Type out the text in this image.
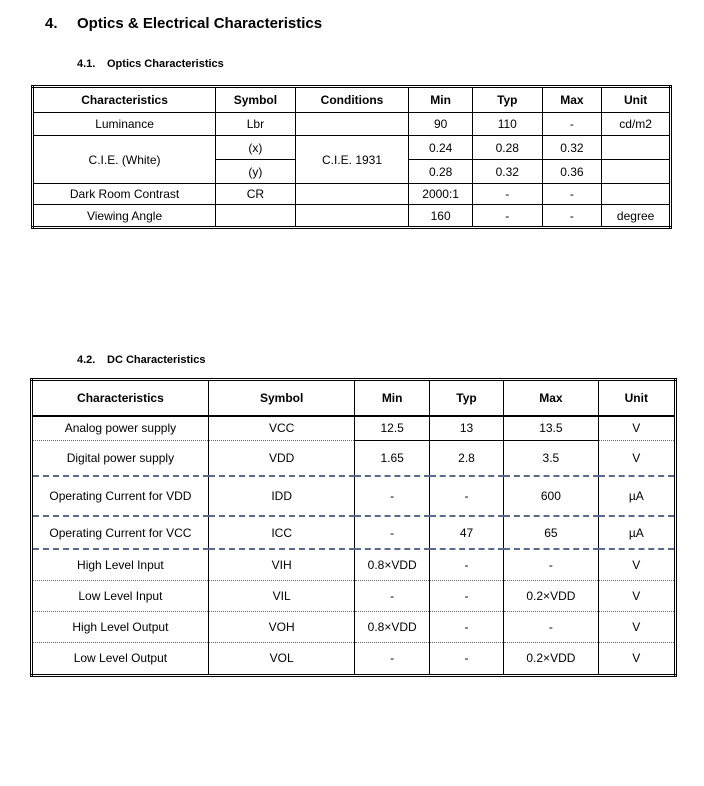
4. Optics & Electrical Characteristics
4.1. Optics Characteristics
Characteristics	Symbol	Conditions	Min	Typ	Max	Unit
Luminance	Lbr		90	110	-	cd/m2
C.I.E. (White)	(x)	C.I.E. 1931	0.24	0.28	0.32	
	(y)		0.28	0.32	0.36	
Dark Room Contrast	CR		2000:1	-	-	
Viewing Angle			160	-	-	degree
4.2. DC Characteristics
Characteristics	Symbol	Min	Typ	Max	Unit
Analog power supply	VCC	12.5	13	13.5	V
Digital power supply	VDD	1.65	2.8	3.5	V
Operating Current for VDD	IDD	-	-	600	µA
Operating Current for VCC	ICC	-	47	65	µA
High Level Input	VIH	0.8×VDD	-	-	V
Low Level Input	VIL	-	-	0.2×VDD	V
High Level Output	VOH	0.8×VDD	-	-	V
Low Level Output	VOL	-	-	0.2×VDD	V
